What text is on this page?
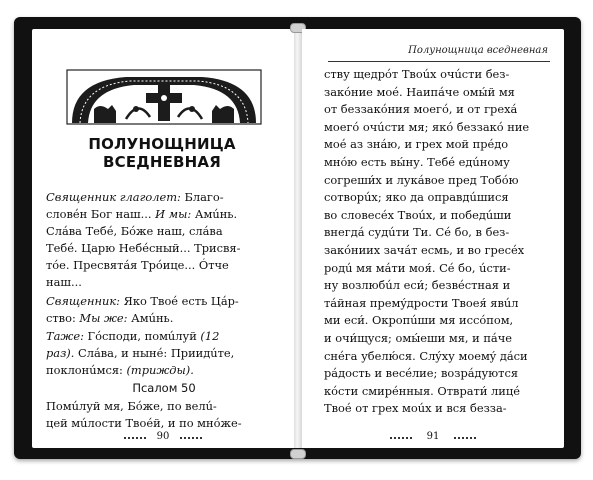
ПОЛУНОЩНИЦА
ВСЕДНЕВНАЯ
Священник глаголет: Благо-
словéн Бог наш... И мы: Амúнь.
Слáва Тебé, Бóже наш, слáва
Тебé. Царю Небéсный... Трисвя-
тóе. Пресвятáя Трóице... Óтче
наш...
Священник: Яко Твоé есть Цáр-
ство: Мы же: Амúнь.
Таже: Гóсподи, помúлуй (12
раз). Слáва, и нынé: Приидúте,
поклонúмся: (трижды).
Псалом 50
Помúлуй мя, Бóже, по велú-
цей мúлости Твоéй, и по мнóже-
90
Полунощница вседневная
ству щедрóт Твоúх очúсти без-
закóние моé. Наипáче омы́й мя
от беззакóния моегó, и от грехá
моегó очúсти мя; якó беззакó ние
моé аз знáю, и грех мой прéдо
мнóю есть вы́ну. Тебé едúному
согреши́х и лукáвое пред Тобóю
сотворúх; яко да оправдúшися
во словесéх Твоúх, и победúши
внегдá судúти Ти. Сé бо, в без-
закóниих зачáт есмь, и во гресéх
родú мя мáти моя́. Сé бо, úсти-
ну возлюбúл еси́; безвéстная и
тáйная премýдрости Твоея́ явúл
ми еси́. Окропúши мя иссóпом,
и очи́щуся; омы́еши мя, и пáче
снéга убелю́ся. Слýху моемý дáси
рáдость и весéлие; возрáдуются
кóсти смирéнныя. Отврати́ лицé
Твоé от грех моúх и вся безза-
91
